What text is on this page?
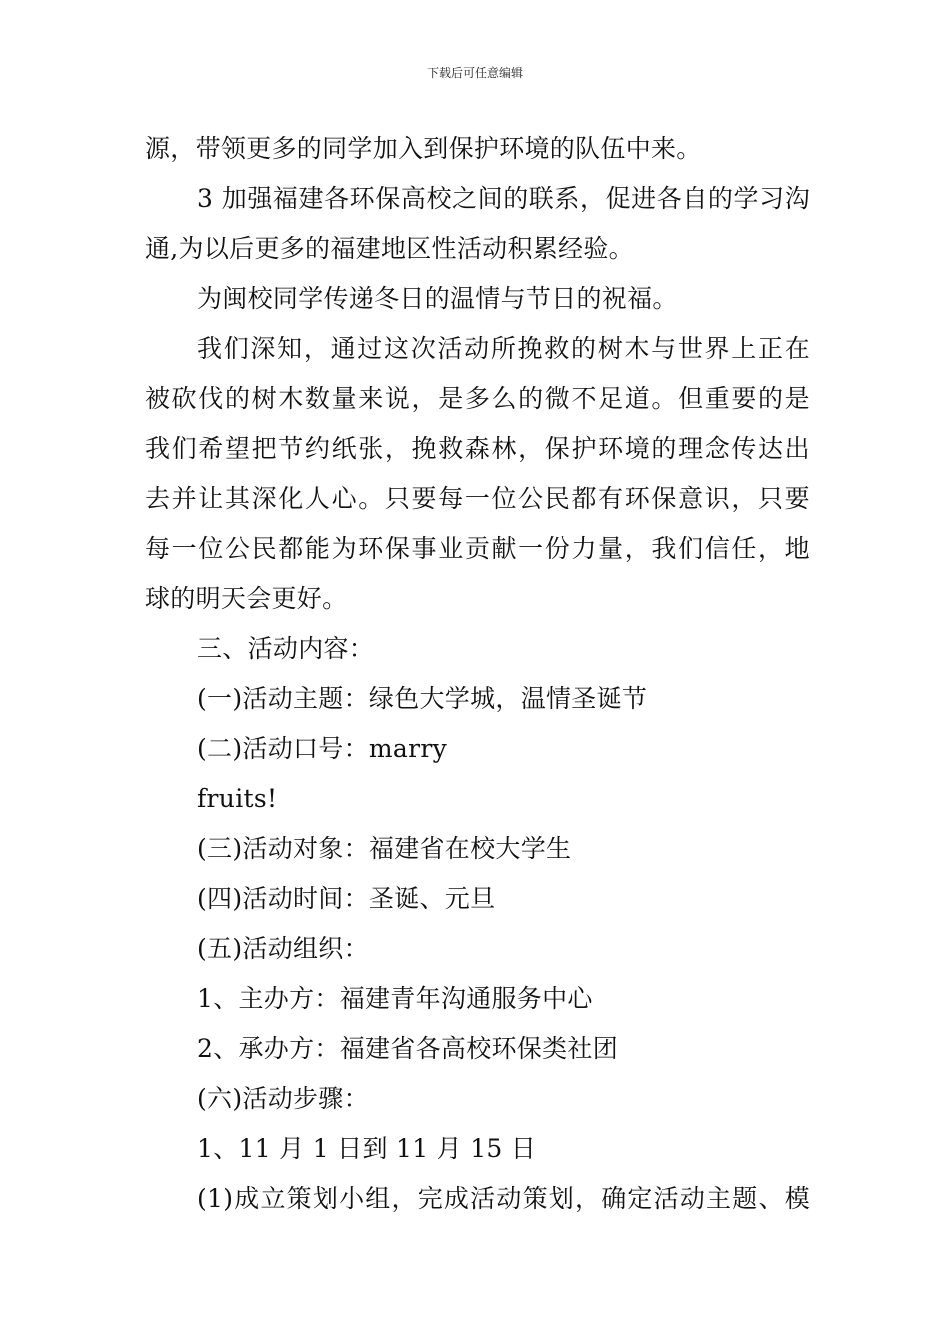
下载后可任意编辑
源，带领更多的同学加入到保护环境的队伍中来。
3 加强福建各环保高校之间的联系，促进各自的学习沟
通,为以后更多的福建地区性活动积累经验。
为闽校同学传递冬日的温情与节日的祝福。
我们深知，通过这次活动所挽救的树木与世界上正在
被砍伐的树木数量来说，是多么的微不足道。但重要的是
我们希望把节约纸张，挽救森林，保护环境的理念传达出
去并让其深化人心。只要每一位公民都有环保意识，只要
每一位公民都能为环保事业贡献一份力量，我们信任，地
球的明天会更好。
三、活动内容：
(一)活动主题：绿色大学城，温情圣诞节
(二)活动口号：marry
fruits!
(三)活动对象：福建省在校大学生
(四)活动时间：圣诞、元旦
(五)活动组织：
1、主办方：福建青年沟通服务中心
2、承办方：福建省各高校环保类社团
(六)活动步骤：
1、11 月 1 日到 11 月 15 日
(1)成立策划小组，完成活动策划，确定活动主题、模
